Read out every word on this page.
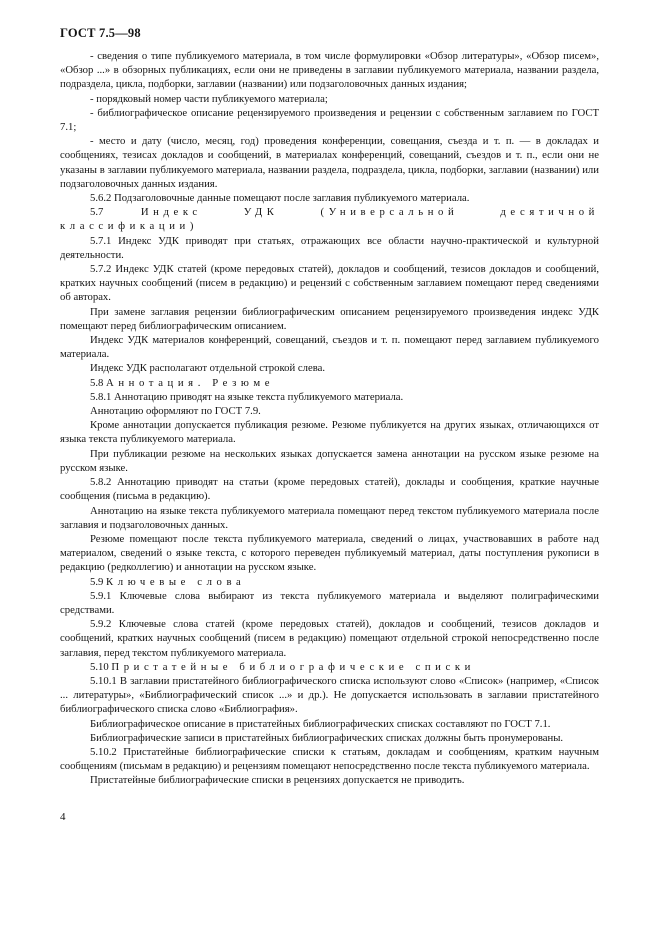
ГОСТ 7.5—98

- сведения о типе публикуемого материала, в том числе формулировки «Обзор литературы», «Обзор писем», «Обзор ...» в обзорных публикациях, если они не приведены в заглавии публикуемого материала, названии раздела, подраздела, цикла, подборки, заглавии (названии) или подзаголовочных данных издания;

- порядковый номер части публикуемого материала;

- библиографическое описание рецензируемого произведения и рецензии с собственным заглавием по ГОСТ 7.1;

- место и дату (число, месяц, год) проведения конференции, совещания, съезда и т. п. — в докладах и сообщениях, тезисах докладов и сообщений, в материалах конференций, совещаний, съездов и т. п., если они не указаны в заглавии публикуемого материала, названии раздела, подраздела, цикла, подборки, заглавии (названии) или подзаголовочных данных издания.

5.6.2 Подзаголовочные данные помещают после заглавия публикуемого материала.

5.7	Индекс УДК (Универсальной десятичной классификации)

5.7.1 Индекс УДК приводят при статьях, отражающих все области научно-практической и культурной деятельности.

5.7.2 Индекс УДК статей (кроме передовых статей), докладов и сообщений, тезисов докладов и сообщений, кратких научных сообщений (писем в редакцию) и рецензий с собственным заглавием помещают перед сведениями об авторах.

При замене заглавия рецензии библиографическим описанием рецензируемого произведения индекс УДК помещают перед библиографическим описанием.

Индекс УДК материалов конференций, совещаний, съездов и т. п. помещают перед заглавием публикуемого материала.

Индекс УДК располагают отдельной строкой слева.

5.8 Аннотация. Резюме

5.8.1 Аннотацию приводят на языке текста публикуемого материала.

Аннотацию оформляют по ГОСТ 7.9.

Кроме аннотации допускается публикация резюме. Резюме публикуется на других языках, отличающихся от языка текста публикуемого материала.

При публикации резюме на нескольких языках допускается замена аннотации на русском языке резюме на русском языке.

5.8.2 Аннотацию приводят на статьи (кроме передовых статей), доклады и сообщения, краткие научные сообщения (письма в редакцию).

Аннотацию на языке текста публикуемого материала помещают перед текстом публикуемого материала после заглавия и подзаголовочных данных.

Резюме помещают после текста публикуемого материала, сведений о лицах, участвовавших в работе над материалом, сведений о языке текста, с которого переведен публикуемый материал, даты поступления рукописи в редакцию (редколлегию) и аннотации на русском языке.

5.9 Ключевые слова

5.9.1 Ключевые слова выбирают из текста публикуемого материала и выделяют полиграфическими средствами.

5.9.2 Ключевые слова статей (кроме передовых статей), докладов и сообщений, тезисов докладов и сообщений, кратких научных сообщений (писем в редакцию) помещают отдельной строкой непосредственно после заглавия, перед текстом публикуемого материала.

5.10 Пристатейные библиографические списки

5.10.1 В заглавии пристатейного библиографического списка используют слово «Список» (например, «Список ... литературы», «Библиографический список ...» и др.). Не допускается использовать в заглавии пристатейного библиографического списка слово «Библиография».

Библиографическое описание в пристатейных библиографических списках составляют по ГОСТ 7.1.

Библиографические записи в пристатейных библиографических списках должны быть пронумерованы.

5.10.2 Пристатейные библиографические списки к статьям, докладам и сообщениям, кратким научным сообщениям (письмам в редакцию) и рецензиям помещают непосредственно после текста публикуемого материала.

Пристатейные библиографические списки в рецензиях допускается не приводить.

4
